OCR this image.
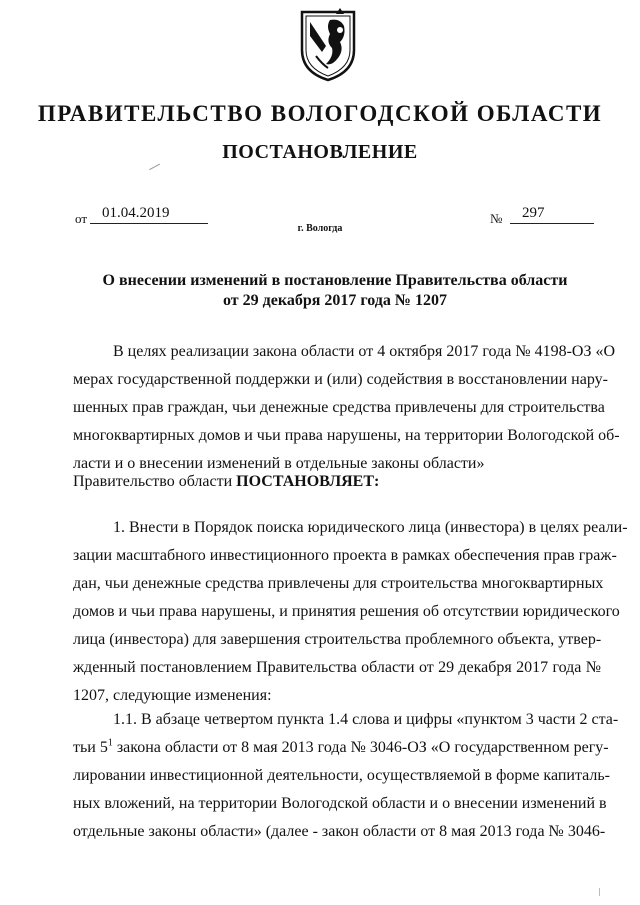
ПРАВИТЕЛЬСТВО ВОЛОГОДСКОЙ ОБЛАСТИ
ПОСТАНОВЛЕНИЕ
от 01.04.2019	№	297
г. Вологда
О внесении изменений в постановление Правительства области
от 29 декабря 2017 года № 1207
В целях реализации закона области от 4 октября 2017 года № 4198-ОЗ «О
мерах государственной поддержки и (или) содействия в восстановлении нару-
шенных прав граждан, чьи денежные средства привлечены для строительства
многоквартирных домов и чьи права нарушены, на территории Вологодской об-
ласти и о внесении изменений в отдельные законы области»
Правительство области ПОСТАНОВЛЯЕТ:
1. Внести в Порядок поиска юридического лица (инвестора) в целях реали-
зации масштабного инвестиционного проекта в рамках обеспечения прав граж-
дан, чьи денежные средства привлечены для строительства многоквартирных
домов и чьи права нарушены, и принятия решения об отсутствии юридического
лица (инвестора) для завершения строительства проблемного объекта, утвер-
жденный постановлением Правительства области от 29 декабря 2017 года №
1207, следующие изменения:
1.1. В абзаце четвертом пункта 1.4 слова и цифры «пунктом 3 части 2 ста-
тьи $5^1$ закона области от 8 мая 2013 года № 3046-ОЗ «О государственном регу-
лировании инвестиционной деятельности, осуществляемой в форме капиталь-
ных вложений, на территории Вологодской области и о внесении изменений в
отдельные законы области» (далее - закон области от 8 мая 2013 года № 3046-
